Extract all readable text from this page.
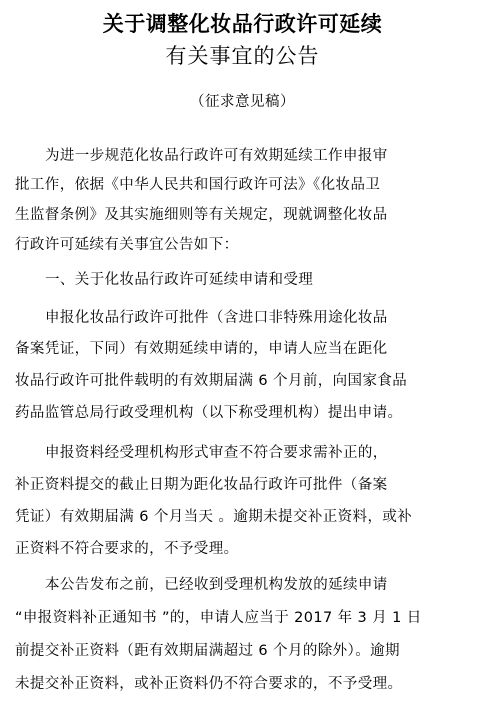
关于调整化妆品行政许可延续
有关事宜的公告
（征求意见稿）
为进一步规范化妆品行政许可有效期延续工作申报审
批工作，依据《中华人民共和国行政许可法》《化妆品卫
生监督条例》及其实施细则等有关规定，现就调整化妆品
行政许可延续有关事宜公告如下：
一、关于化妆品行政许可延续申请和受理
申报化妆品行政许可批件（含进口非特殊用途化妆品
备案凭证，下同）有效期延续申请的，申请人应当在距化
妆品行政许可批件载明的有效期届满 6 个月前，向国家食品
药品监管总局行政受理机构（以下称受理机构）提出申请。
申报资料经受理机构形式审查不符合要求需补正的，
补正资料提交的截止日期为距化妆品行政许可批件（备案
凭证）有效期届满 6 个月当天 。逾期未提交补正资料，或补
正资料不符合要求的，不予受理。
本公告发布之前，已经收到受理机构发放的延续申请
“申报资料补正通知书 ”的，申请人应当于 2017 年 3 月 1 日
前提交补正资料（距有效期届满超过 6 个月的除外）。逾期
未提交补正资料，或补正资料仍不符合要求的，不予受理。
